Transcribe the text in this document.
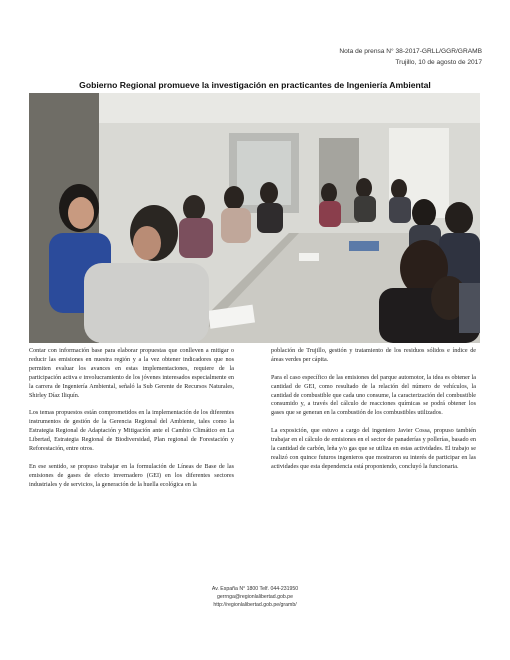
Nota de prensa N° 38-2017-GRLL/GGR/GRAMB
Trujillo, 10 de agosto de 2017
Gobierno Regional promueve la investigación en practicantes de Ingeniería Ambiental

Contar con información base para elaborar propuestas que conlleven a mitigar o reducir las emisiones en nuestra región y a la vez obtener indicadores que nos permiten evaluar los avances en estas implementaciones, requiere de la participación activa e involucramiento de los jóvenes interesados especialmente en la carrera de Ingeniería Ambiental, señaló la Sub Gerente de Recursos Naturales, Shirley Díaz Iliquín.

Los temas propuestos están comprometidos en la implementación de los diferentes instrumentos de gestión de la Gerencia Regional del Ambiente, tales como la Estrategia Regional de Adaptación y Mitigación ante el Cambio Climático en La Libertad, Estrategia Regional de Biodiversidad, Plan regional de Forestación y Reforestación, entre otros.

En ese sentido, se propuso trabajar en la formulación de Líneas de Base de las emisiones de gases de efecto invernadero (GEI) en los diferentes sectores industriales y de servicios, la generación de la huella ecológica en la

población de Trujillo, gestión y tratamiento de los residuos sólidos e índice de áreas verdes per cápita.

Para el caso específico de las emisiones del parque automotor, la idea es obtener la cantidad de GEI, como resultado de la relación del número de vehículos, la cantidad de combustible que cada uno consume, la caracterización del combustible consumido y, a través del cálculo de reacciones químicas se podrá obtener los gases que se generan en la combustión de los combustibles utilizados.

La exposición, que estuvo a cargo del ingeniero Javier Cossa, propuso también trabajar en el cálculo de emisiones en el sector de panaderías y pollerías, basado en la cantidad de carbón, leña y/o gas que se utiliza en estas actividades. El trabajo se realizó con quince futuros ingenieros que mostraron su interés de participar en las actividades que esta dependencia está proponiendo, concluyó la funcionaria.

Av. España N° 1800 Telf. 044-231950
gerrnga@regionlalibertad.gob.pe
http://regionlalibertad.gob.pe/gramb/
